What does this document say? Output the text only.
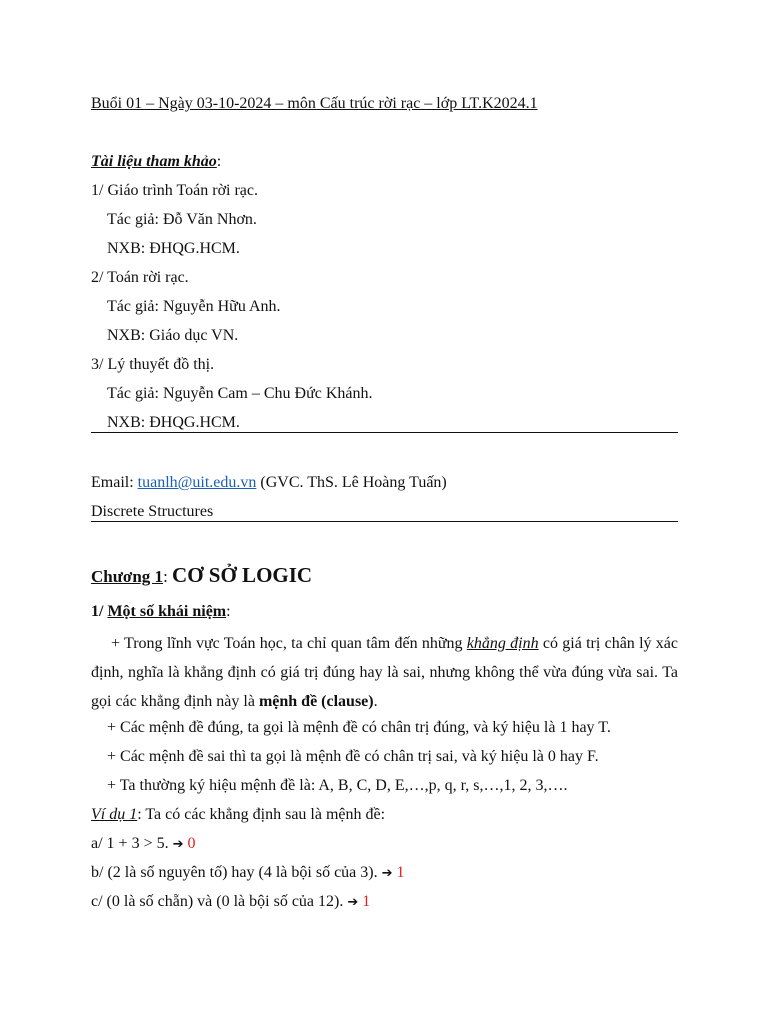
Buổi 01 – Ngày 03-10-2024 – môn Cấu trúc rời rạc – lớp LT.K2024.1
Tài liệu tham khảo:
1/ Giáo trình Toán rời rạc.
Tác giả: Đỗ Văn Nhơn.
NXB: ĐHQG.HCM.
2/ Toán rời rạc.
Tác giả: Nguyễn Hữu Anh.
NXB: Giáo dục VN.
3/ Lý thuyết đồ thị.
Tác giả: Nguyễn Cam – Chu Đức Khánh.
NXB: ĐHQG.HCM.
Email: tuanlh@uit.edu.vn (GVC. ThS. Lê Hoàng Tuấn)
Discrete Structures
Chương 1: CƠ SỞ LOGIC
1/ Một số khái niệm:
+ Trong lĩnh vực Toán học, ta chỉ quan tâm đến những khẳng định có giá trị chân lý xác định, nghĩa là khẳng định có giá trị đúng hay là sai, nhưng không thể vừa đúng vừa sai. Ta gọi các khẳng định này là mệnh đề (clause).
+ Các mệnh đề đúng, ta gọi là mệnh đề có chân trị đúng, và ký hiệu là 1 hay T.
+ Các mệnh đề sai thì ta gọi là mệnh đề có chân trị sai, và ký hiệu là 0 hay F.
+ Ta thường ký hiệu mệnh đề là: A, B, C, D, E,…,p, q, r, s,…,1, 2, 3,….
Ví dụ 1: Ta có các khẳng định sau là mệnh đề:
a/ 1 + 3 > 5. ➔ 0
b/ (2 là số nguyên tố) hay (4 là bội số của 3). ➔ 1
c/ (0 là số chẵn) và (0 là bội số của 12). ➔ 1
